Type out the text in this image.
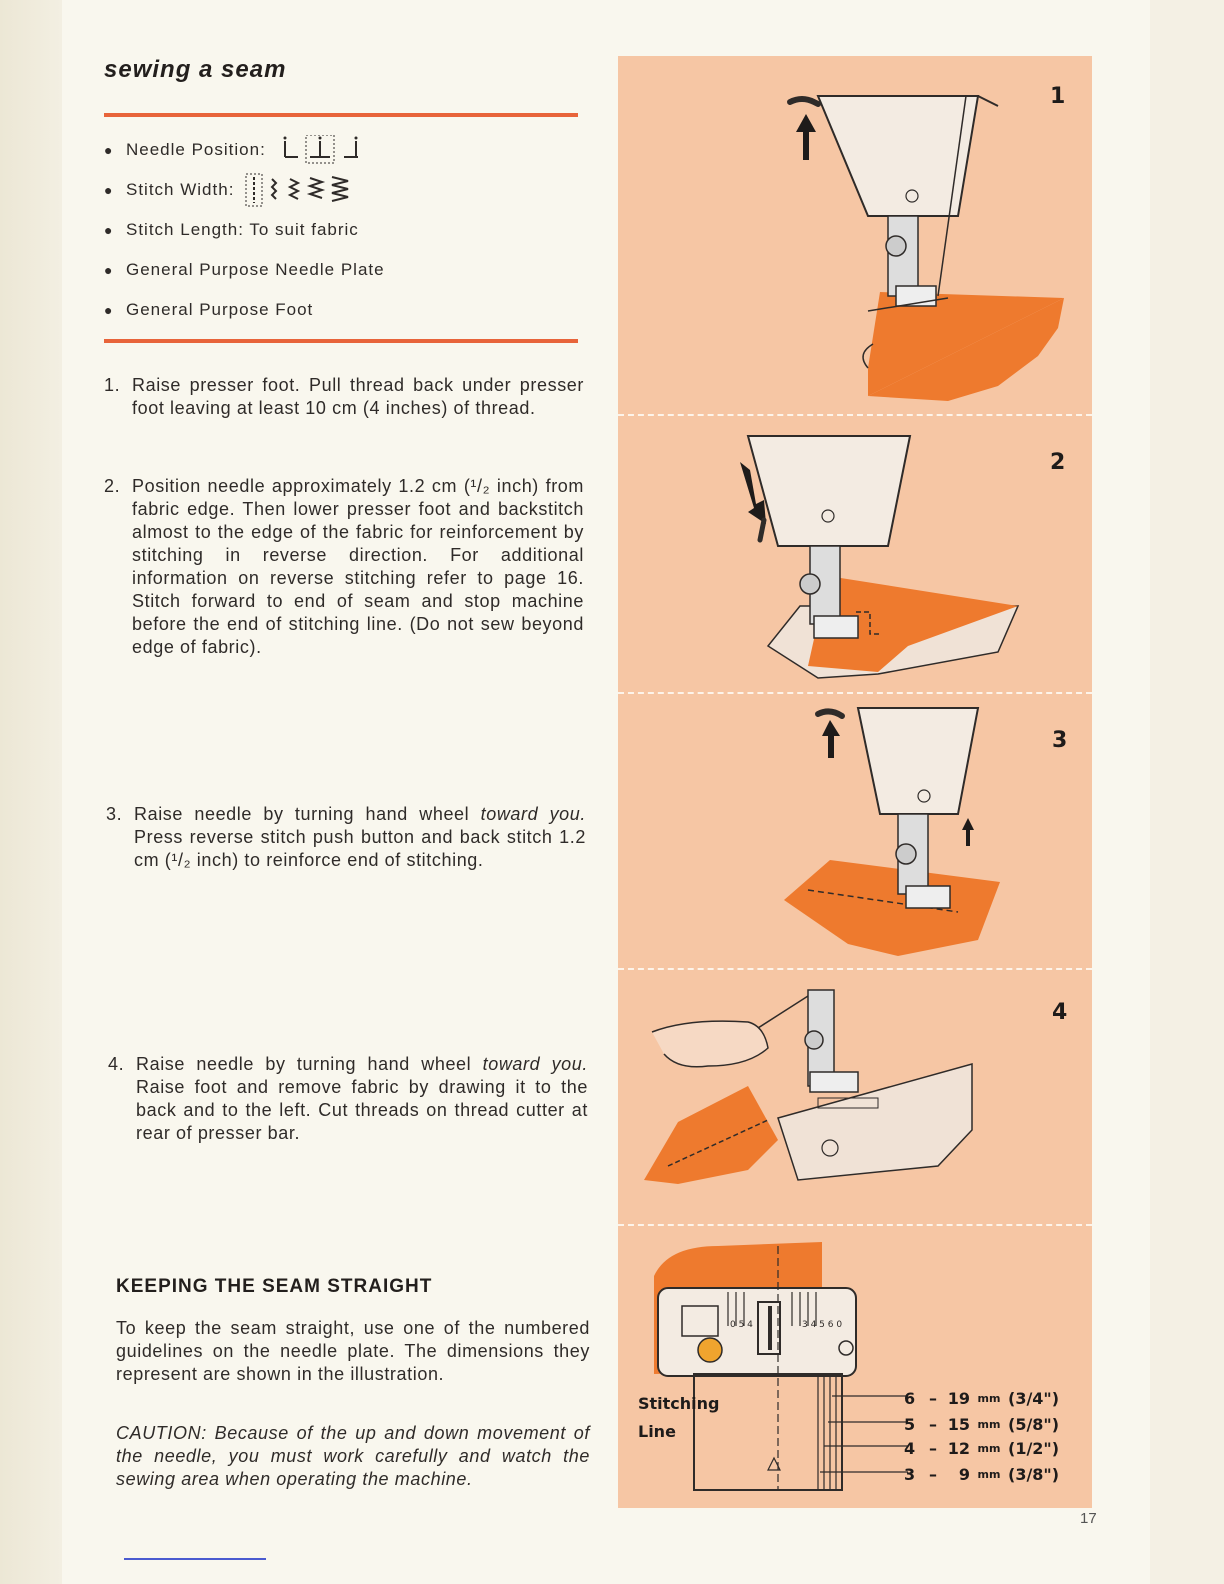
sewing a seam
● Needle Position:
● Stitch Width:
● Stitch Length: To suit fabric
● General Purpose Needle Plate
● General Purpose Foot
1. Raise presser foot. Pull thread back under presser foot leaving at least 10 cm (4 inches) of thread.
2. Position needle approximately 1.2 cm (¹/₂ inch) from fabric edge. Then lower presser foot and backstitch almost to the edge of the fabric for reinforcement by stitching in reverse direction. For additional information on reverse stitching refer to page 16. Stitch forward to end of seam and stop machine before the end of stitching line. (Do not sew beyond edge of fabric).
3. Raise needle by turning hand wheel toward you. Press reverse stitch push button and back stitch 1.2 cm (¹/₂ inch) to reinforce end of stitching.
4. Raise needle by turning hand wheel toward you. Raise foot and remove fabric by drawing it to the back and to the left. Cut threads on thread cutter at rear of presser bar.
KEEPING THE SEAM STRAIGHT

To keep the seam straight, use one of the numbered guidelines on the needle plate. The dimensions they represent are shown in the illustration.

CAUTION: Because of the up and down movement of the needle, you must work carefully and watch the sewing area when operating the machine.

1
2
3
4
0 5 4	3 4 5 6 0
Stitching
Line
6 – 19 mm (3/4")
5 – 15 mm (5/8")
4 – 12 mm (1/2")
3 –	9 mm (3/8")
17
